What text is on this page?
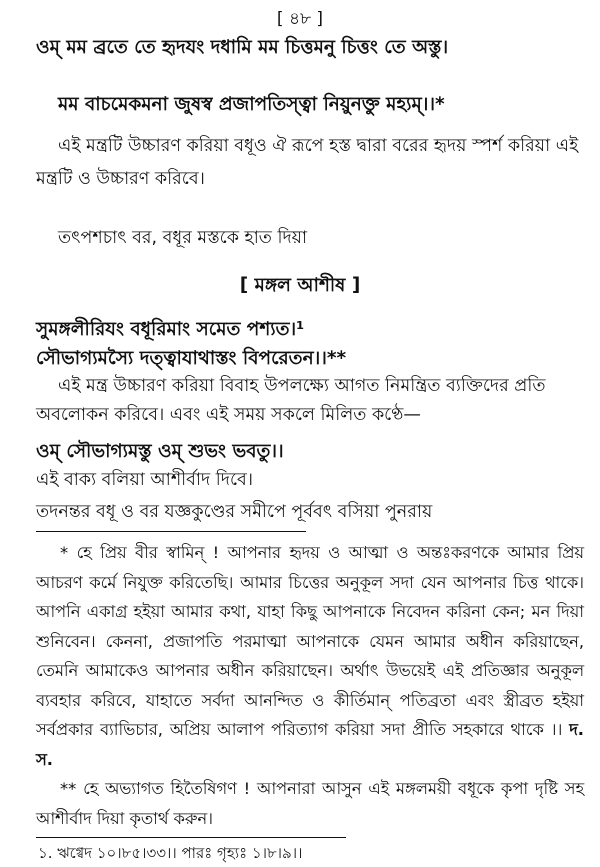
[ ৪৮ ]
ওম্ মম ব্রতে তে হৃদযং দধামি মম চিত্তমনু চিত্তং তে অস্তু।
মম বাচমেকমনা জুষস্ব প্রজাপতিস্ত্বা নিয়ুনক্তু মহ্যম্।।*
এই মন্ত্রটি উচ্চারণ করিয়া বধূও ঐ রূপে হস্ত দ্বারা বরের হৃদয় স্পর্শ করিয়া এই মন্ত্রটি ও উচ্চারণ করিবে।
তৎপশচাৎ বর, বধূর মস্তকে হাত দিয়া
[ মঙ্গল আশীষ ]
সুমঙ্গলীরিযং বধূরিমাং সমেত পশ্যত।¹
সৌভাগ্যমস্যৈ দত্ত্বাযাথাস্তং বিপরেতন।।**
এই মন্ত্র উচ্চারণ করিয়া বিবাহ উপলক্ষ্যে আগত নিমন্ত্রিত ব্যক্তিদের প্রতি অবলোকন করিবে। এবং এই সময় সকলে মিলিত কণ্ঠে—
ওম্ সৌভাগ্যমস্তু ওম্ শুভং ভবতু।।
এই বাক্য বলিয়া আশীর্বাদ দিবে।
তদনন্তর বধূ ও বর যজ্ঞকুণ্ডের সমীপে পূর্ববৎ বসিয়া পুনরায়
* হে প্রিয় বীর স্বামিন্ ! আপনার হৃদয় ও আত্মা ও অন্তঃকরণকে আমার প্রিয় আচরণ কর্মে নিযুক্ত করিতেছি। আমার চিত্তের অনুকূল সদা যেন আপনার চিত্ত থাকে। আপনি একাগ্র হইয়া আমার কথা, যাহা কিছু আপনাকে নিবেদন করিনা কেন; মন দিয়া শুনিবেন। কেননা, প্রজাপতি পরমাত্মা আপনাকে যেমন আমার অধীন করিয়াছেন, তেমনি আমাকেও আপনার অধীন করিয়াছেন। অর্থাৎ উভয়েই এই প্রতিজ্ঞার অনুকূল ব্যবহার করিবে, যাহাতে সর্বদা আনন্দিত ও কীর্তিমান্ পতিব্রতা এবং স্ত্রীব্রত হইয়া সর্বপ্রকার ব্যাভিচার, অপ্রিয় আলাপ পরিত্যাগ করিয়া সদা প্রীতি সহকারে থাকে ।। দ. স.
** হে অভ্যাগত হিতৈষিগণ ! আপনারা আসুন এই মঙ্গলময়ী বধূকে কৃপা দৃষ্টি সহ আশীর্বাদ দিয়া কৃতার্থ করুন।
১. ঋগ্বেদ ১০।৮৫।৩৩।। পারঃ গৃহ্যঃ ১।৮।৯।।
